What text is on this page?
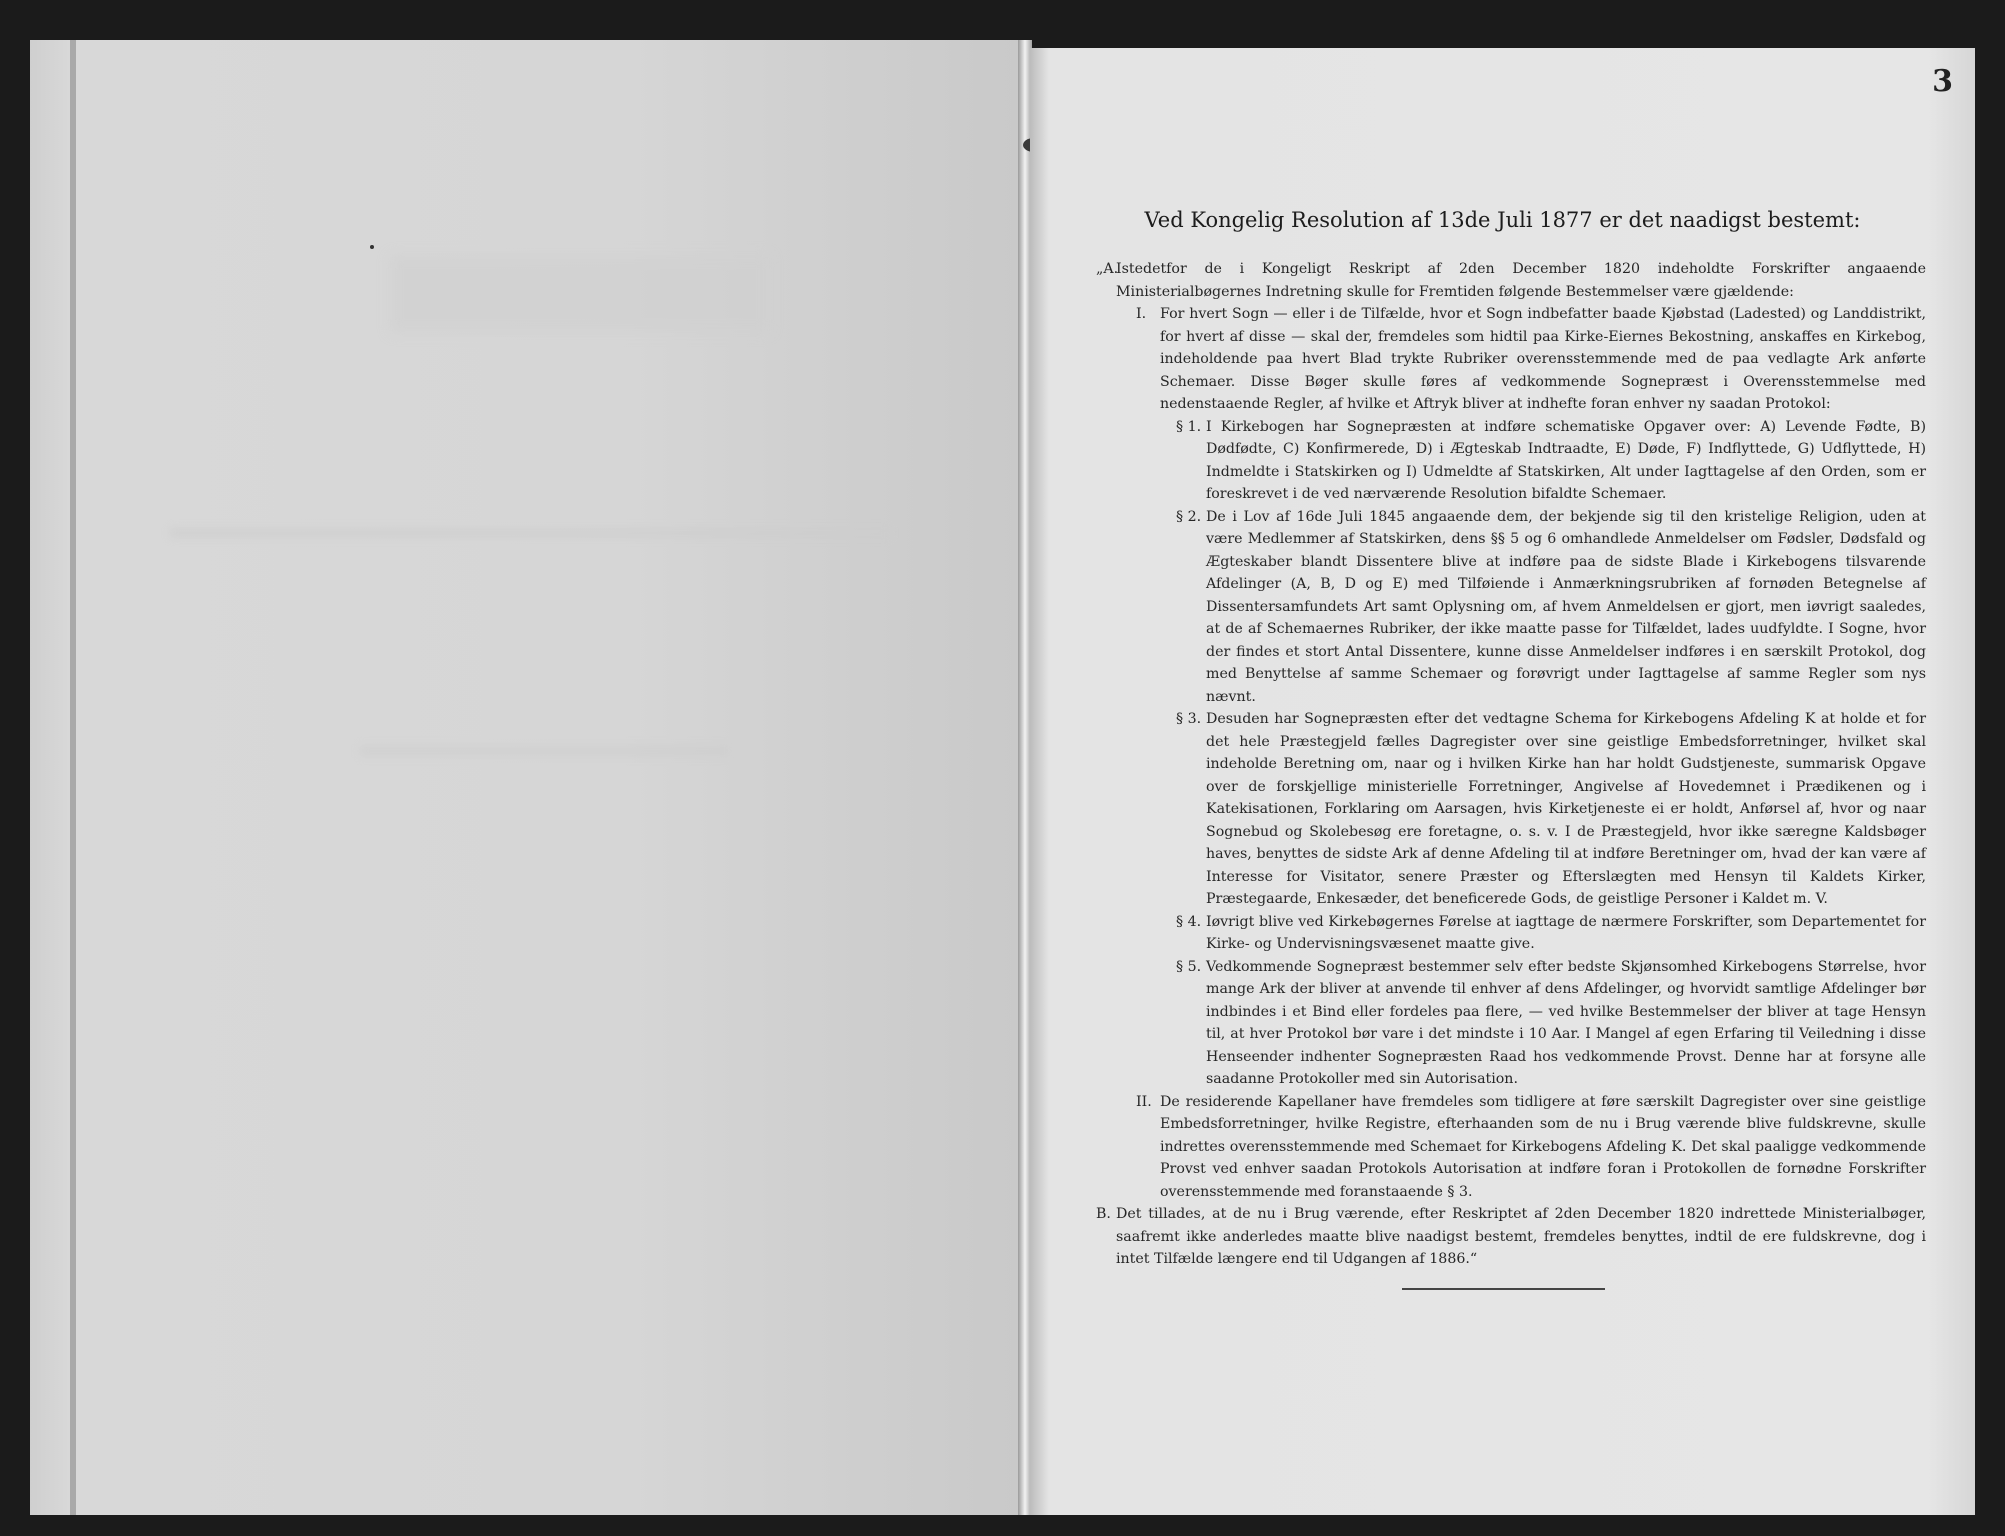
3
Ved Kongelig Resolution af 13de Juli 1877 er det naadigst bestemt:

„A.
Istedetfor de i Kongeligt Reskript af 2den December 1820 indeholdte Forskrifter angaaende Ministerialbøgernes Indretning skulle for Fremtiden følgende Bestemmelser være gjældende:

I. For hvert Sogn — eller i de Tilfælde, hvor et Sogn indbefatter baade Kjøbstad (Ladested) og Landdistrikt, for hvert af disse — skal der, fremdeles som hidtil paa Kirke-Eiernes Bekostning, anskaffes en Kirkebog, indeholdende paa hvert Blad trykte Rubriker overensstemmende med de paa vedlagte Ark anførte Schemaer. Disse Bøger skulle føres af vedkommende Sognepræst i Overensstemmelse med nedenstaaende Regler, af hvilke et Aftryk bliver at indhefte foran enhver ny saadan Protokol:

§ 1. I Kirkebogen har Sognepræsten at indføre schematiske Opgaver over: A) Levende Fødte, B) Dødfødte, C) Konfirmerede, D) i Ægteskab Indtraadte, E) Døde, F) Indflyttede, G) Udflyttede, H) Indmeldte i Statskirken og I) Udmeldte af Statskirken, Alt under Iagttagelse af den Orden, som er foreskrevet i de ved nærværende Resolution bifaldte Schemaer.

§ 2. De i Lov af 16de Juli 1845 angaaende dem, der bekjende sig til den kristelige Religion, uden at være Medlemmer af Statskirken, dens §§ 5 og 6 omhandlede Anmeldelser om Fødsler, Dødsfald og Ægteskaber blandt Dissentere blive at indføre paa de sidste Blade i Kirkebogens tilsvarende Afdelinger (A, B, D og E) med Tilføiende i Anmærkningsrubriken af fornøden Betegnelse af Dissentersamfundets Art samt Oplysning om, af hvem Anmeldelsen er gjort, men iøvrigt saaledes, at de af Schemaernes Rubriker, der ikke maatte passe for Tilfældet, lades uudfyldte. I Sogne, hvor der findes et stort Antal Dissentere, kunne disse Anmeldelser indføres i en særskilt Protokol, dog med Benyttelse af samme Schemaer og forøvrigt under Iagttagelse af samme Regler som nys nævnt.

§ 3. Desuden har Sognepræsten efter det vedtagne Schema for Kirkebogens Afdeling K at holde et for det hele Præstegjeld fælles Dagregister over sine geistlige Embedsforretninger, hvilket skal indeholde Beretning om, naar og i hvilken Kirke han har holdt Gudstjeneste, summarisk Opgave over de forskjellige ministerielle Forretninger, Angivelse af Hovedemnet i Prædikenen og i Katekisationen, Forklaring om Aarsagen, hvis Kirketjeneste ei er holdt, Anførsel af, hvor og naar Sognebud og Skolebesøg ere foretagne, o. s. v. I de Præstegjeld, hvor ikke særegne Kaldsbøger haves, benyttes de sidste Ark af denne Afdeling til at indføre Beretninger om, hvad der kan være af Interesse for Visitator, senere Præster og Efterslægten med Hensyn til Kaldets Kirker, Præstegaarde, Enkesæder, det beneficerede Gods, de geistlige Personer i Kaldet m. V.

§ 4. Iøvrigt blive ved Kirkebøgernes Førelse at iagttage de nærmere Forskrifter, som Departementet for Kirke- og Undervisningsvæsenet maatte give.

§ 5. Vedkommende Sognepræst bestemmer selv efter bedste Skjønsomhed Kirkebogens Størrelse, hvor mange Ark der bliver at anvende til enhver af dens Afdelinger, og hvorvidt samtlige Afdelinger bør indbindes i et Bind eller fordeles paa flere, — ved hvilke Bestemmelser der bliver at tage Hensyn til, at hver Protokol bør vare i det mindste i 10 Aar. I Mangel af egen Erfaring til Veiledning i disse Henseender indhenter Sognepræsten Raad hos vedkommende Provst. Denne har at forsyne alle saadanne Protokoller med sin Autorisation.

II. De residerende Kapellaner have fremdeles som tidligere at føre særskilt Dagregister over sine geistlige Embedsforretninger, hvilke Registre, efterhaanden som de nu i Brug værende blive fuldskrevne, skulle indrettes overensstemmende med Schemaet for Kirkebogens Afdeling K. Det skal paaligge vedkommende Provst ved enhver saadan Protokols Autorisation at indføre foran i Protokollen de fornødne Forskrifter overensstemmende med foranstaaende § 3.

B. Det tillades, at de nu i Brug værende, efter Reskriptet af 2den December 1820 indrettede Ministerialbøger, saafremt ikke anderledes maatte blive naadigst bestemt, fremdeles benyttes, indtil de ere fuldskrevne, dog i intet Tilfælde længere end til Udgangen af 1886.“
